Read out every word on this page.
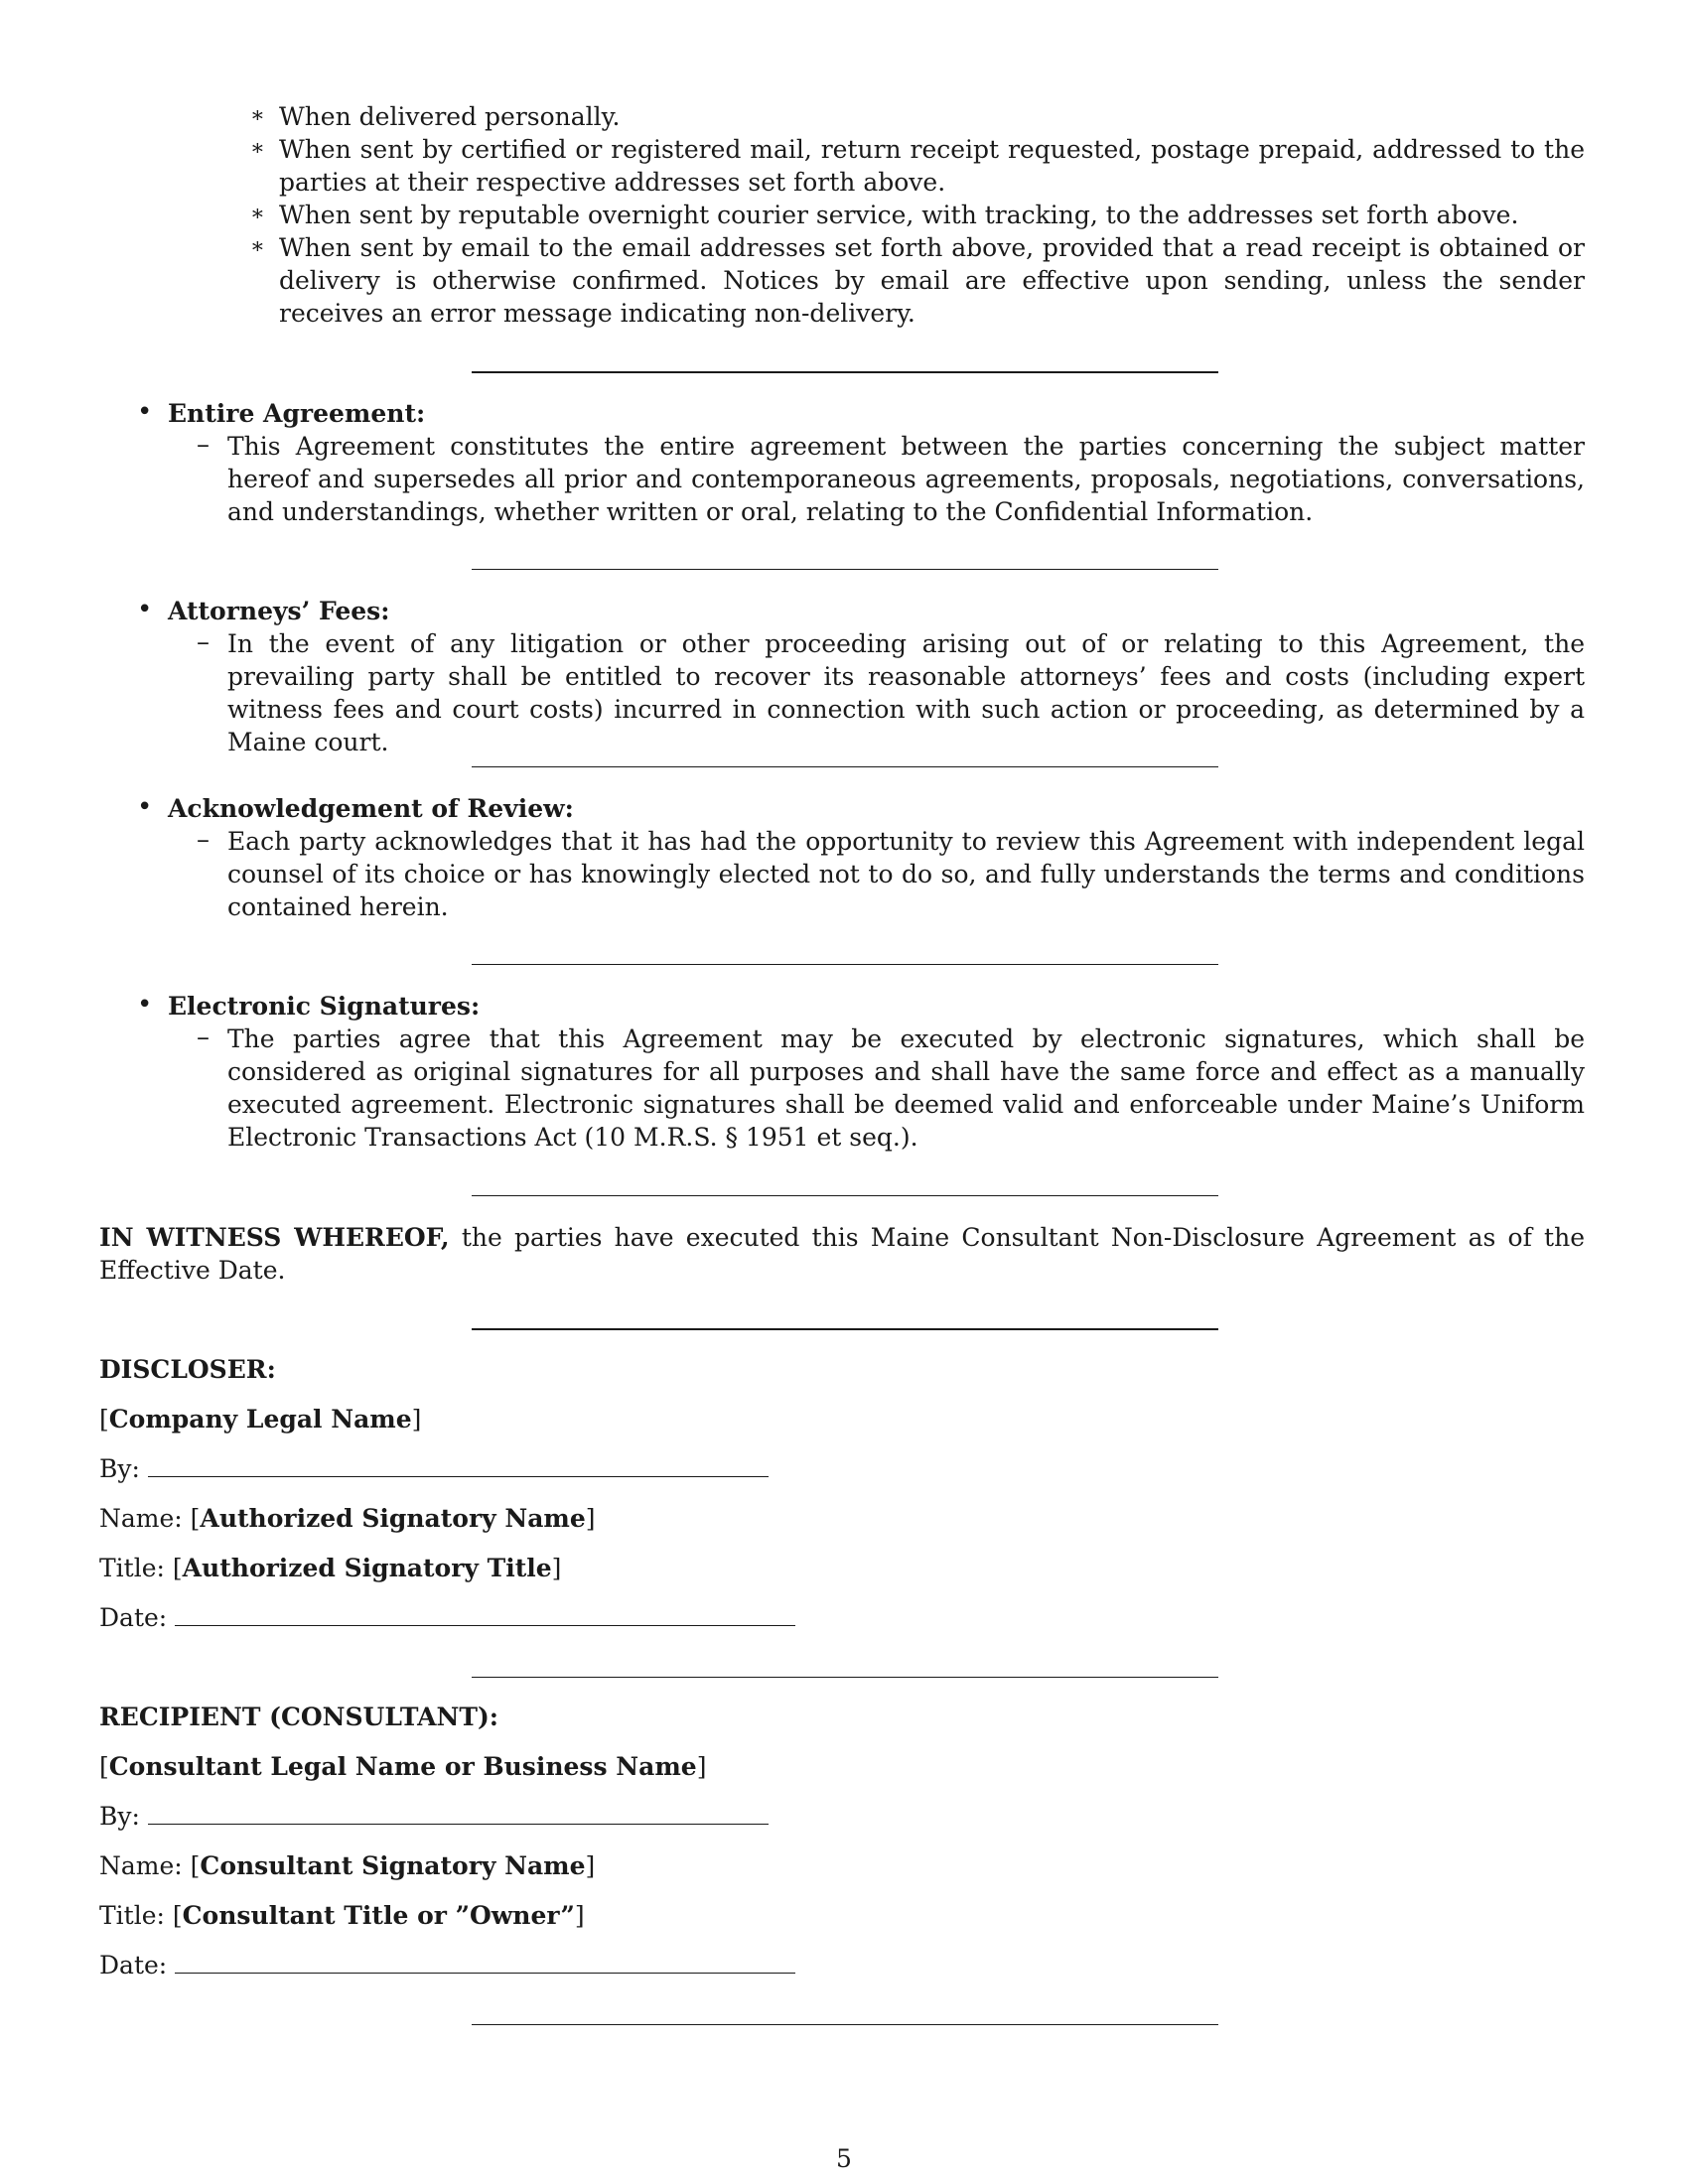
∗ When delivered personally.
∗ When sent by certified or registered mail, return receipt requested, postage prepaid, addressed to the parties at their respective addresses set forth above.
∗ When sent by reputable overnight courier service, with tracking, to the addresses set forth above.
∗ When sent by email to the email addresses set forth above, provided that a read receipt is obtained or delivery is otherwise confirmed. Notices by email are effective upon sending, unless the sender receives an error message indicating non-delivery.
• Entire Agreement:
– This Agreement constitutes the entire agreement between the parties concerning the subject matter hereof and supersedes all prior and contemporaneous agreements, proposals, negotiations, conversations, and understandings, whether written or oral, relating to the Confidential Information.
• Attorneys’ Fees:
– In the event of any litigation or other proceeding arising out of or relating to this Agreement, the prevailing party shall be entitled to recover its reasonable attorneys’ fees and costs (including expert witness fees and court costs) incurred in connection with such action or proceeding, as determined by a Maine court.
• Acknowledgement of Review:
– Each party acknowledges that it has had the opportunity to review this Agreement with independent legal counsel of its choice or has knowingly elected not to do so, and fully understands the terms and conditions contained herein.
• Electronic Signatures:
– The parties agree that this Agreement may be executed by electronic signatures, which shall be considered as original signatures for all purposes and shall have the same force and effect as a manually executed agreement. Electronic signatures shall be deemed valid and enforceable under Maine’s Uniform Electronic Transactions Act (10 M.R.S. § 1951 et seq.).
IN WITNESS WHEREOF, the parties have executed this Maine Consultant Non-Disclosure Agreement as of the Effective Date.
DISCLOSER:
[Company Legal Name]
By:
Name: [Authorized Signatory Name]
Title: [Authorized Signatory Title]
Date:
RECIPIENT (CONSULTANT):
[Consultant Legal Name or Business Name]
By:
Name: [Consultant Signatory Name]
Title: [Consultant Title or ”Owner”]
Date:
5
